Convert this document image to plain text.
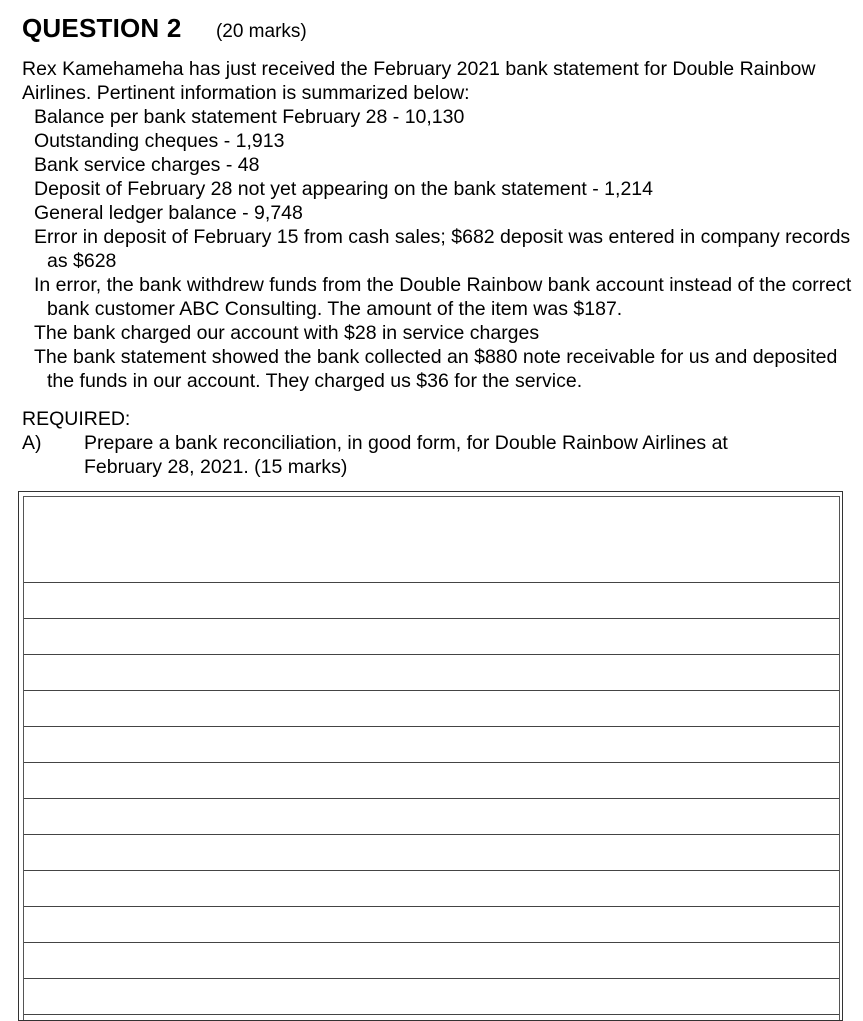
QUESTION 2 (20 marks)
Rex Kamehameha has just received the February 2021 bank statement for Double Rainbow Airlines. Pertinent information is summarized below:
Balance per bank statement February 28 - 10,130
Outstanding cheques - 1,913
Bank service charges - 48
Deposit of February 28 not yet appearing on the bank statement - 1,214
General ledger balance - 9,748
Error in deposit of February 15 from cash sales; $682 deposit was entered in company records as $628
In error, the bank withdrew funds from the Double Rainbow bank account instead of the correct bank customer ABC Consulting. The amount of the item was $187.
The bank charged our account with $28 in service charges
The bank statement showed the bank collected an $880 note receivable for us and deposited the funds in our account. They charged us $36 for the service.
REQUIRED:
A) Prepare a bank reconciliation, in good form, for Double Rainbow Airlines at February 28, 2021. (15 marks)
